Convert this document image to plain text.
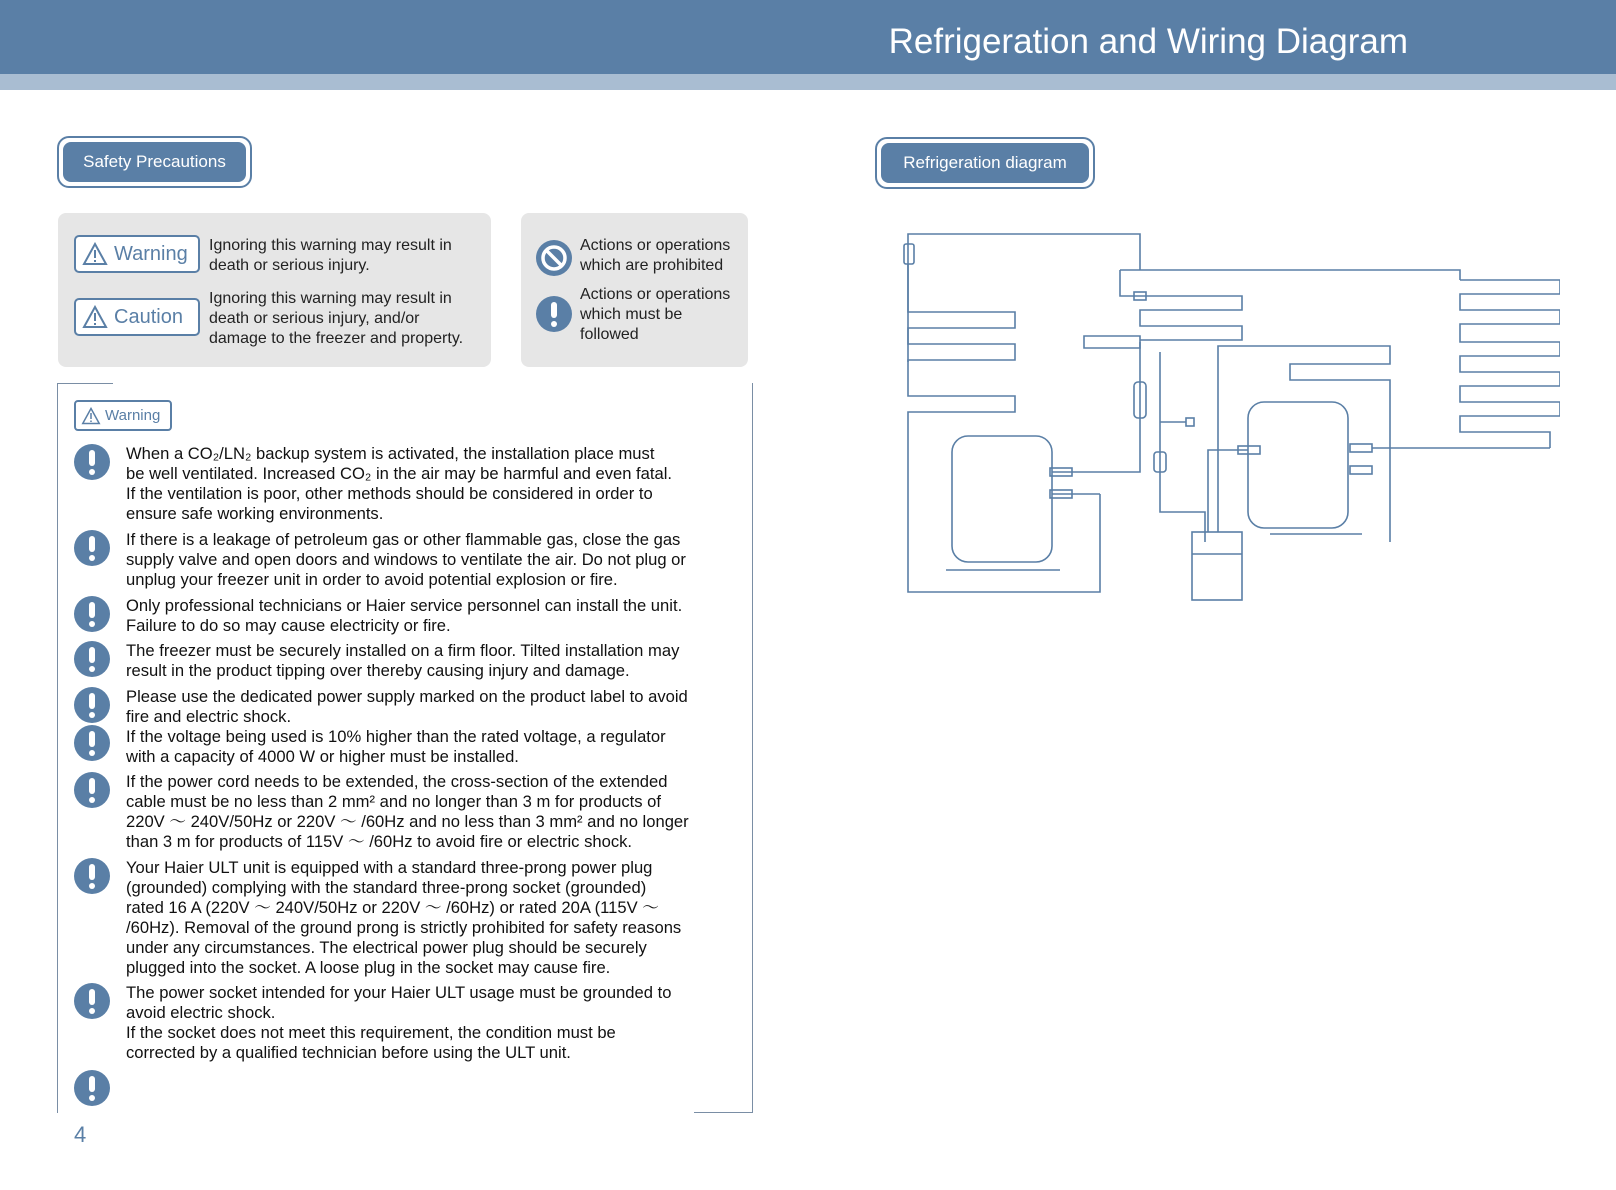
Refrigeration and Wiring Diagram
Safety Precautions	Refrigeration diagram
Warning Ignoring this warning may result in
death or serious injury.
Caution
Ignoring this warning may result in
death or serious injury, and/or
damage to the freezer and property.
Actions or operations
which are prohibited
Actions or operations
which must be
followed
Warning

When a CO₂/LN₂ backup system is activated, the installation place must

be well ventilated. Increased CO₂ in the air may be harmful and even fatal.

If the ventilation is poor, other methods should be considered in order to

ensure safe working environments.

If there is a leakage of petroleum gas or other flammable gas, close the gas

supply valve and open doors and windows to ventilate the air. Do not plug or

unplug your freezer unit in order to avoid potential explosion or fire.

Only professional technicians or Haier service personnel can install the unit.

Failure to do so may cause electricity or fire.

The freezer must be securely installed on a firm floor. Tilted installation may

result in the product tipping over thereby causing injury and damage.

Please use the dedicated power supply marked on the product label to avoid

fire and electric shock.

If the voltage being used is 10% higher than the rated voltage, a regulator

with a capacity of 4000 W or higher must be installed.

If the power cord needs to be extended, the cross-section of the extended

cable must be no less than 2 mm² and no longer than 3 m for products of

220V ～ 240V/50Hz or 220V ～ /60Hz and no less than 3 mm² and no longer

than 3 m for products of 115V ～ /60Hz to avoid fire or electric shock.

Your Haier ULT unit is equipped with a standard three-prong power plug

(grounded) complying with the standard three-prong socket (grounded)

rated 16 A (220V ～ 240V/50Hz or 220V ～ /60Hz) or rated 20A (115V ～

/60Hz). Removal of the ground prong is strictly prohibited for safety reasons

under any circumstances. The electrical power plug should be securely

plugged into the socket. A loose plug in the socket may cause fire.

The power socket intended for your Haier ULT usage must be grounded to

avoid electric shock.

If the socket does not meet this requirement, the condition must be

corrected by a qualified technician before using the ULT unit.

4
